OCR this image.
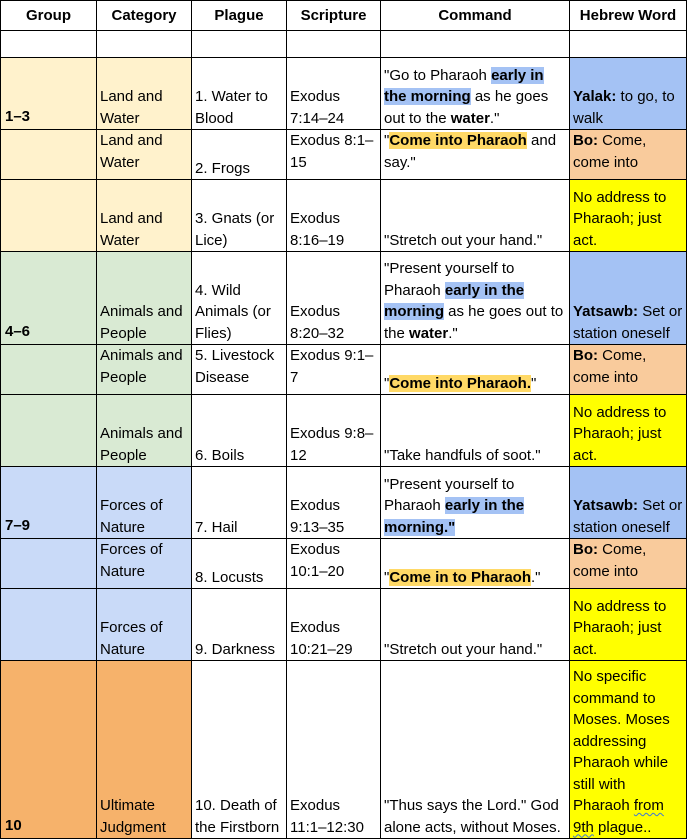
Group	Category	Plague	Scripture	Command	Hebrew Word

1–3	Land and Water	1. Water to Blood	Exodus 7:14–24	"Go to Pharaoh early in the morning as he goes out to the water."	Yalak: to go, to walk
	Land and Water	2. Frogs	Exodus 8:1–15	"Come into Pharaoh and say."	Bo: Come, come into
	Land and Water	3. Gnats (or Lice)	Exodus 8:16–19	"Stretch out your hand."	No address to Pharaoh; just act.
4–6	Animals and People	4. Wild Animals (or Flies)	Exodus 8:20–32	"Present yourself to Pharaoh early in the morning as he goes out to the water."	Yatsawb: Set or station oneself
	Animals and People	5. Livestock Disease	Exodus 9:1–7	"Come into Pharaoh."	Bo: Come, come into
	Animals and People	6. Boils	Exodus 9:8–12	"Take handfuls of soot."	No address to Pharaoh; just act.
7–9	Forces of Nature	7. Hail	Exodus 9:13–35	"Present yourself to Pharaoh early in the morning."	Yatsawb: Set or station oneself
	Forces of Nature	8. Locusts	Exodus 10:1–20	"Come in to Pharaoh."	Bo: Come, come into
	Forces of Nature	9. Darkness	Exodus 10:21–29	"Stretch out your hand."	No address to Pharaoh; just act.
10	Ultimate Judgment	10. Death of the Firstborn	Exodus 11:1–12:30	"Thus says the Lord." God alone acts, without Moses.	No specific command to Moses. Moses addressing Pharaoh while still with Pharaoh from 9th plague..
